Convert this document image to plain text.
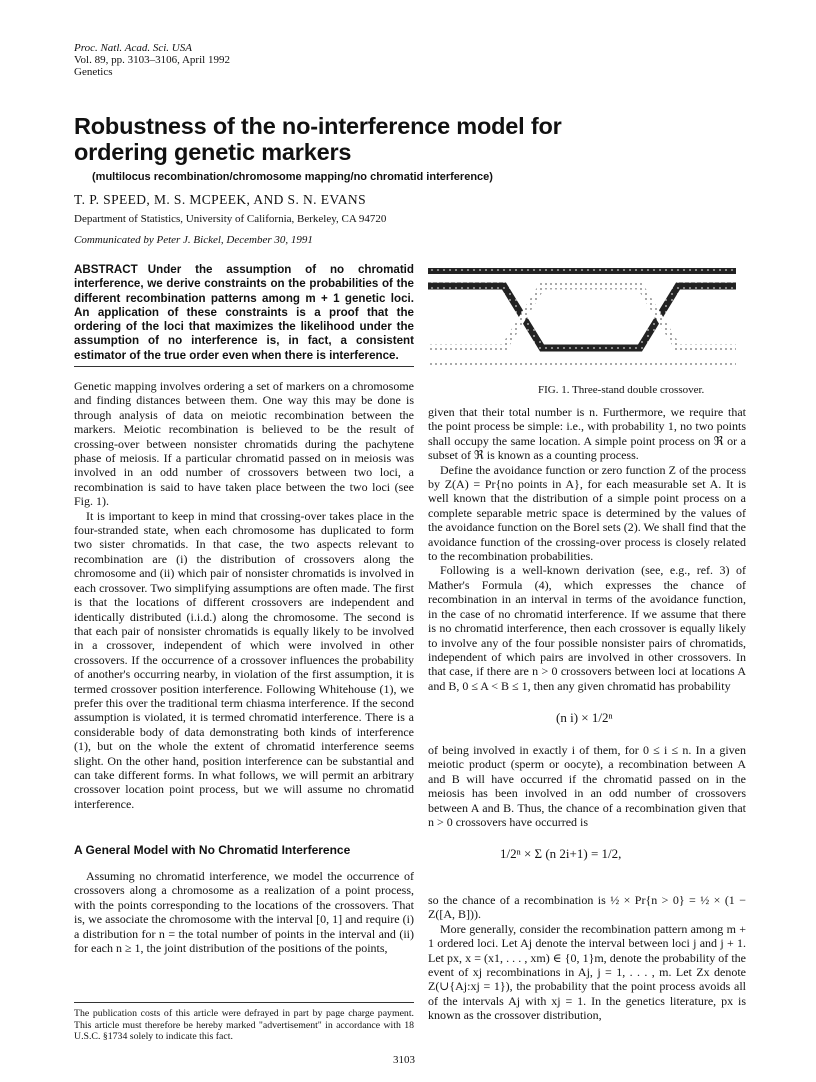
Proc. Natl. Acad. Sci. USA
Vol. 89, pp. 3103–3106, April 1992
Genetics
Robustness of the no-interference model for ordering genetic markers
(multilocus recombination/chromosome mapping/no chromatid interference)
T. P. SPEED, M. S. MCPEEK, AND S. N. EVANS
Department of Statistics, University of California, Berkeley, CA 94720
Communicated by Peter J. Bickel, December 30, 1991
ABSTRACT Under the assumption of no chromatid interference, we derive constraints on the probabilities of the different recombination patterns among m + 1 genetic loci. An application of these constraints is a proof that the ordering of the loci that maximizes the likelihood under the assumption of no interference is, in fact, a consistent estimator of the true order even when there is interference.
FIG. 1. Three-stand double crossover.

Genetic mapping involves ordering a set of markers on a chromosome and finding distances between them. One way this may be done is through analysis of data on meiotic recombination between the markers. Meiotic recombination is believed to be the result of crossing-over between nonsister chromatids during the pachytene phase of meiosis. If a particular chromatid passed on in meiosis was involved in an odd number of crossovers between two loci, a recombination is said to have taken place between the two loci (see Fig. 1).

It is important to keep in mind that crossing-over takes place in the four-stranded state, when each chromosome has duplicated to form two sister chromatids. In that case, the two aspects relevant to recombination are (i) the distribution of crossovers along the chromosome and (ii) which pair of nonsister chromatids is involved in each crossover. Two simplifying assumptions are often made. The first is that the locations of different crossovers are independent and identically distributed (i.i.d.) along the chromosome. The second is that each pair of nonsister chromatids is equally likely to be involved in a crossover, independent of which were involved in other crossovers. If the occurrence of a crossover influences the probability of another's occurring nearby, in violation of the first assumption, it is termed crossover position interference. Following Whitehouse (1), we prefer this over the traditional term chiasma interference. If the second assumption is violated, it is termed chromatid interference. There is a considerable body of data demonstrating both kinds of interference (1), but on the whole the extent of chromatid interference seems slight. On the other hand, position interference can be substantial and can take different forms. In what follows, we will permit an arbitrary crossover location point process, but we will assume no chromatid interference.

A General Model with No Chromatid Interference

Assuming no chromatid interference, we model the occurrence of crossovers along a chromosome as a realization of a point process, with the points corresponding to the locations of the crossovers. That is, we associate the chromosome with the interval [0, 1] and require (i) a distribution for n = the total number of points in the interval and (ii) for each n ≥ 1, the joint distribution of the positions of the points,

The publication costs of this article were defrayed in part by page charge payment. This article must therefore be hereby marked "advertisement" in accordance with 18 U.S.C. §1734 solely to indicate this fact.

given that their total number is n. Furthermore, we require that the point process be simple: i.e., with probability 1, no two points shall occupy the same location. A simple point process on ℜ or a subset of ℜ is known as a counting process.

Define the avoidance function or zero function Z of the process by Z(A) = Pr{no points in A}, for each measurable set A. It is well known that the distribution of a simple point process on a complete separable metric space is determined by the values of the avoidance function on the Borel sets (2). We shall find that the avoidance function of the crossing-over process is closely related to the recombination probabilities.

Following is a well-known derivation (see, e.g., ref. 3) of Mather's Formula (4), which expresses the chance of recombination in an interval in terms of the avoidance function, in the case of no chromatid interference. If we assume that there is no chromatid interference, then each crossover is equally likely to involve any of the four possible nonsister pairs of chromatids, independent of which pairs are involved in other crossovers. In that case, if there are n > 0 crossovers between loci at locations A and B, 0 ≤ A < B ≤ 1, then any given chromatid has probability

(n i) × 1/2ⁿ

of being involved in exactly i of them, for 0 ≤ i ≤ n. In a given meiotic product (sperm or oocyte), a recombination between A and B will have occurred if the chromatid passed on in the meiosis has been involved in an odd number of crossovers between A and B. Thus, the chance of a recombination given that n > 0 crossovers have occurred is

1/2ⁿ × Σ (n 2i+1) = 1/2,

so the chance of a recombination is ½ × Pr{n > 0} = ½ × (1 − Z([A, B])).

More generally, consider the recombination pattern among m + 1 ordered loci. Let Aj denote the interval between loci j and j + 1. Let px, x = (x1, . . . , xm) ∈ {0, 1}m, denote the probability of the event of xj recombinations in Aj, j = 1, . . . , m. Let Zx denote Z(∪{Aj:xj = 1}), the probability that the point process avoids all of the intervals Aj with xj = 1. In the genetics literature, px is known as the crossover distribution,

3103
